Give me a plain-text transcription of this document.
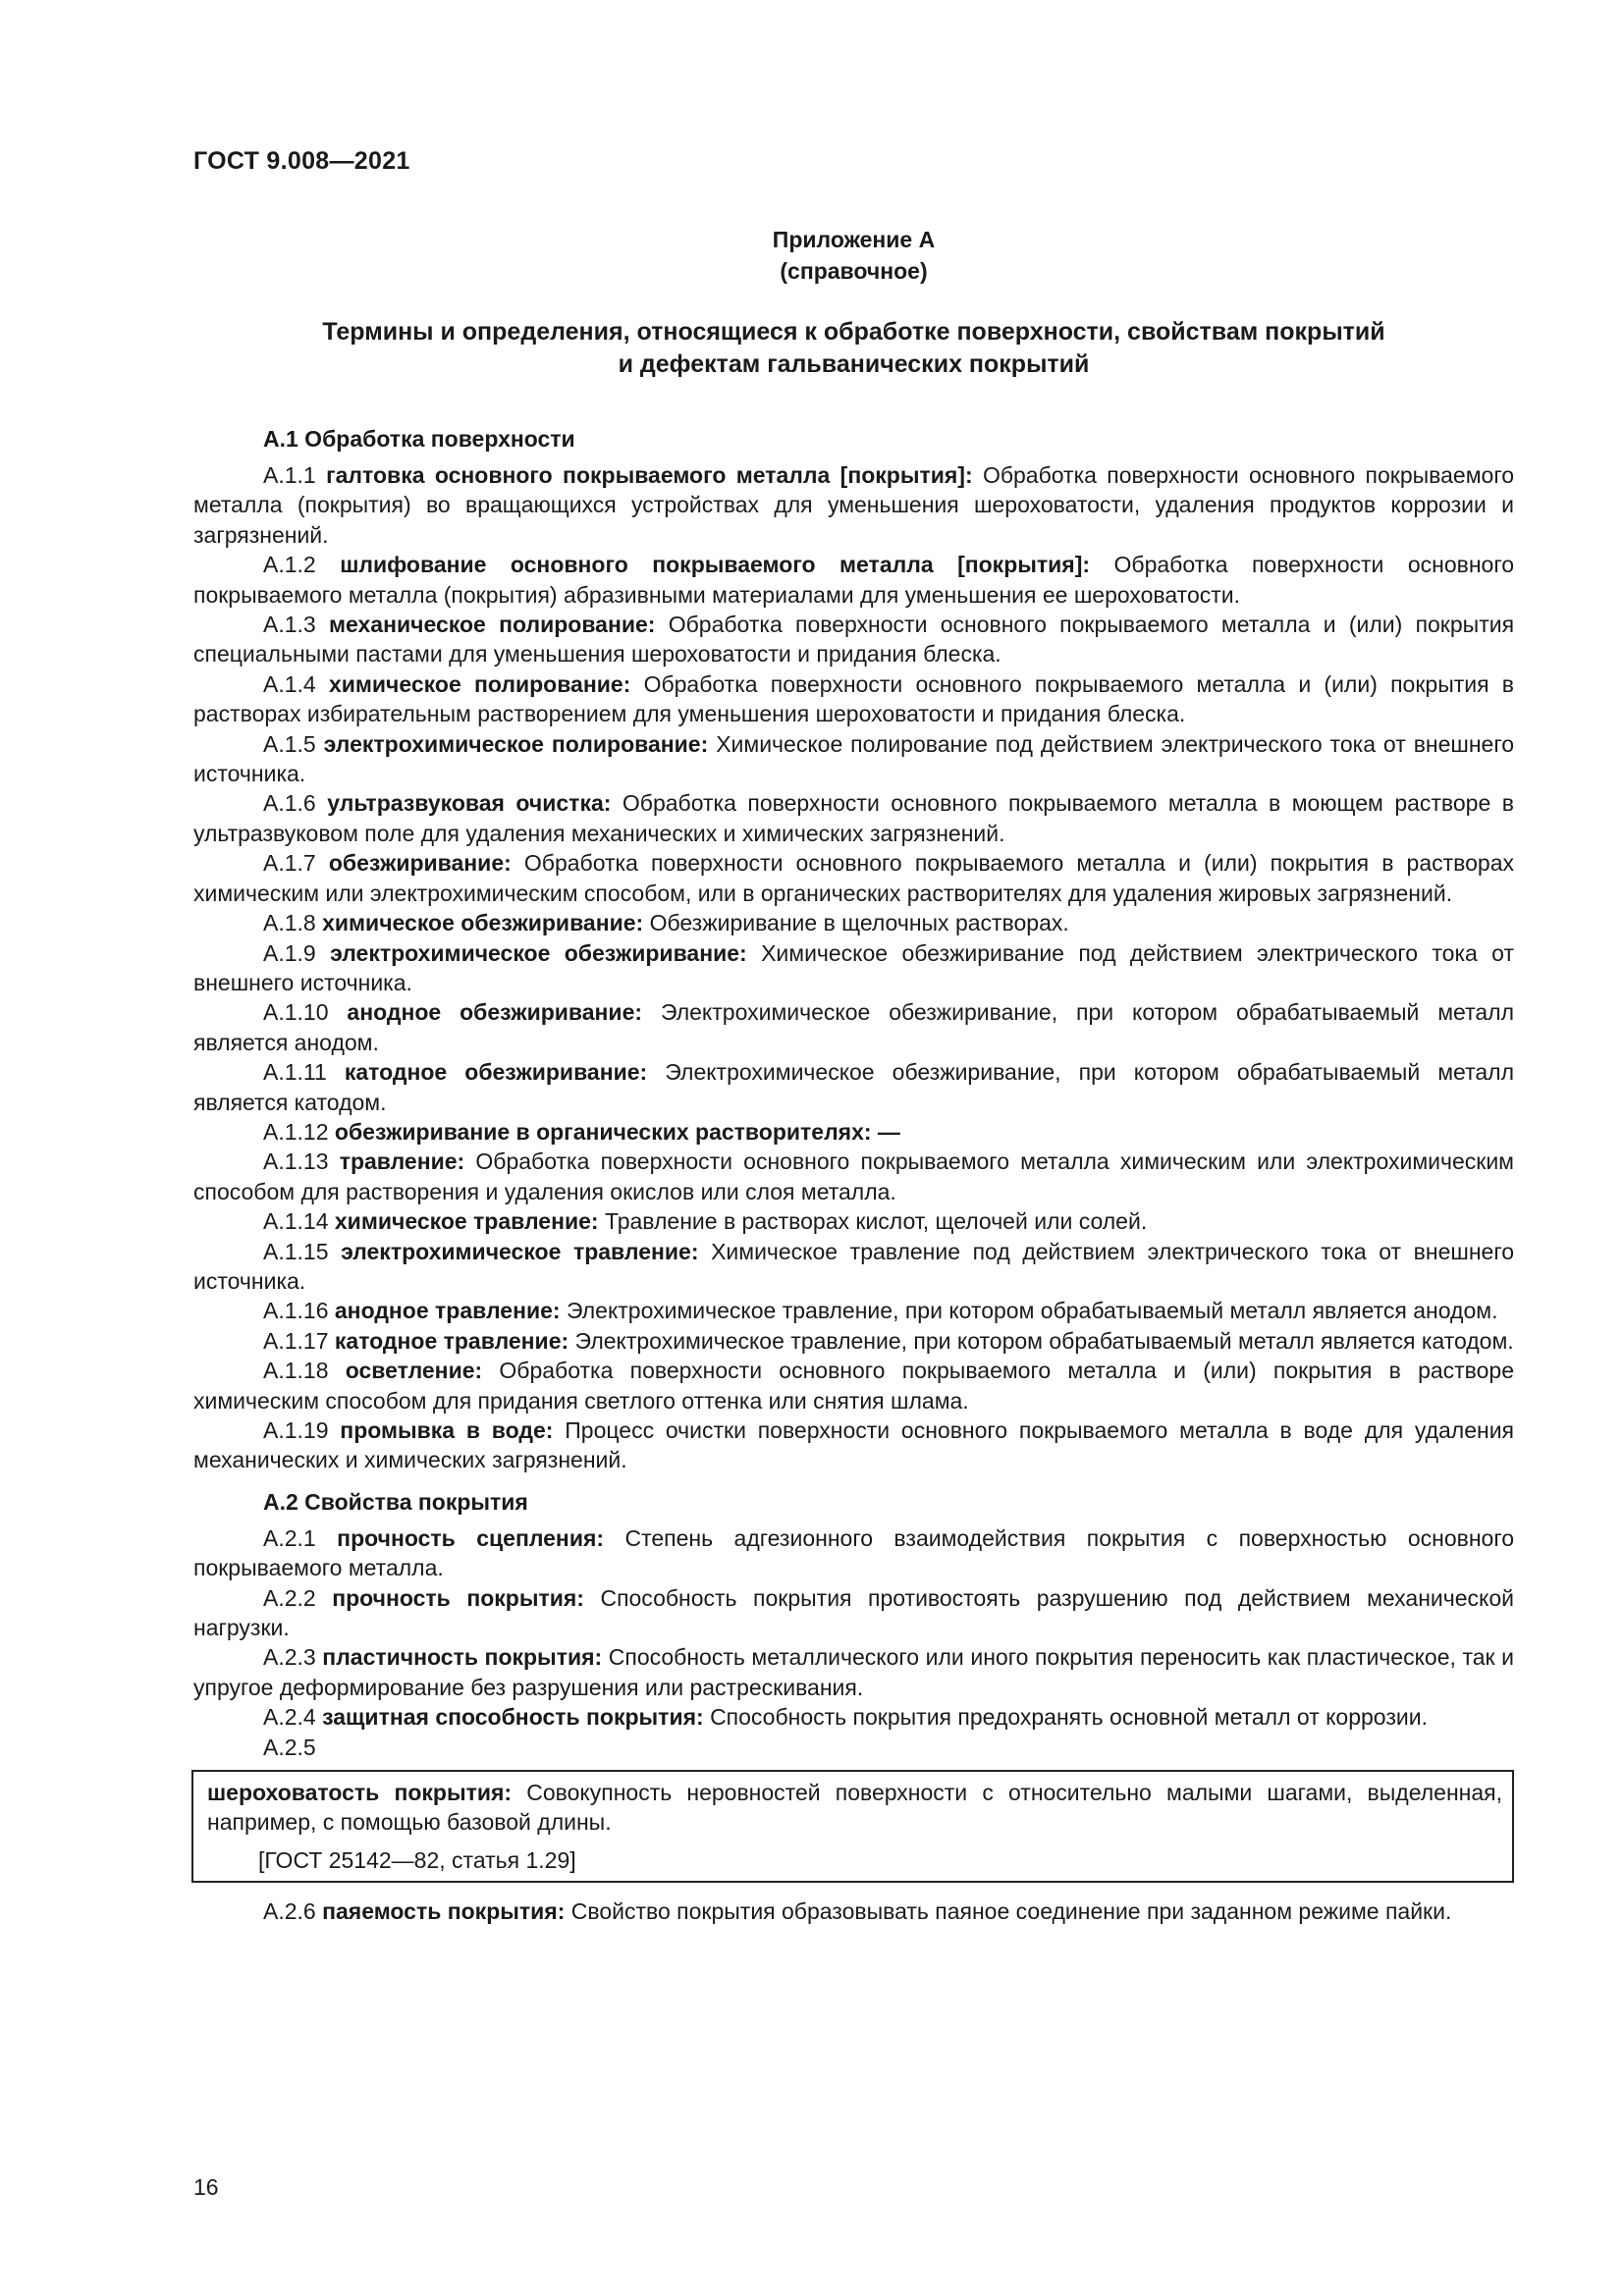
ГОСТ 9.008—2021
Приложение А
(справочное)
Термины и определения, относящиеся к обработке поверхности, свойствам покрытий
и дефектам гальванических покрытий

А.1 Обработка поверхности

А.1.1 галтовка основного покрываемого металла [покрытия]: Обработка поверхности основного покрываемого металла (покрытия) во вращающихся устройствах для уменьшения шероховатости, удаления продуктов коррозии и загрязнений.

А.1.2 шлифование основного покрываемого металла [покрытия]: Обработка поверхности основного покрываемого металла (покрытия) абразивными материалами для уменьшения ее шероховатости.

А.1.3 механическое полирование: Обработка поверхности основного покрываемого металла и (или) покрытия специальными пастами для уменьшения шероховатости и придания блеска.

А.1.4 химическое полирование: Обработка поверхности основного покрываемого металла и (или) покрытия в растворах избирательным растворением для уменьшения шероховатости и придания блеска.

А.1.5 электрохимическое полирование: Химическое полирование под действием электрического тока от внешнего источника.

А.1.6 ультразвуковая очистка: Обработка поверхности основного покрываемого металла в моющем растворе в ультразвуковом поле для удаления механических и химических загрязнений.

А.1.7 обезжиривание: Обработка поверхности основного покрываемого металла и (или) покрытия в растворах химическим или электрохимическим способом, или в органических растворителях для удаления жировых загрязнений.

А.1.8 химическое обезжиривание: Обезжиривание в щелочных растворах.

А.1.9 электрохимическое обезжиривание: Химическое обезжиривание под действием электрического тока от внешнего источника.

А.1.10 анодное обезжиривание: Электрохимическое обезжиривание, при котором обрабатываемый металл является анодом.

А.1.11 катодное обезжиривание: Электрохимическое обезжиривание, при котором обрабатываемый металл является катодом.

А.1.12 обезжиривание в органических растворителях: —

А.1.13 травление: Обработка поверхности основного покрываемого металла химическим или электрохимическим способом для растворения и удаления окислов или слоя металла.

А.1.14 химическое травление: Травление в растворах кислот, щелочей или солей.

А.1.15 электрохимическое травление: Химическое травление под действием электрического тока от внешнего источника.

А.1.16 анодное травление: Электрохимическое травление, при котором обрабатываемый металл является анодом.

А.1.17 катодное травление: Электрохимическое травление, при котором обрабатываемый металл является катодом.

А.1.18 осветление: Обработка поверхности основного покрываемого металла и (или) покрытия в растворе химическим способом для придания светлого оттенка или снятия шлама.

А.1.19 промывка в воде: Процесс очистки поверхности основного покрываемого металла в воде для удаления механических и химических загрязнений.

А.2 Свойства покрытия

А.2.1 прочность сцепления: Степень адгезионного взаимодействия покрытия с поверхностью основного покрываемого металла.

А.2.2 прочность покрытия: Способность покрытия противостоять разрушению под действием механической нагрузки.

А.2.3 пластичность покрытия: Способность металлического или иного покрытия переносить как пластическое, так и упругое деформирование без разрушения или растрескивания.

А.2.4 защитная способность покрытия: Способность покрытия предохранять основной металл от коррозии.

А.2.5

шероховатость покрытия: Совокупность неровностей поверхности с относительно малыми шагами, выделенная, например, с помощью базовой длины.

[ГОСТ 25142—82, статья 1.29]

А.2.6 паяемость покрытия: Свойство покрытия образовывать паяное соединение при заданном режиме пайки.

16
